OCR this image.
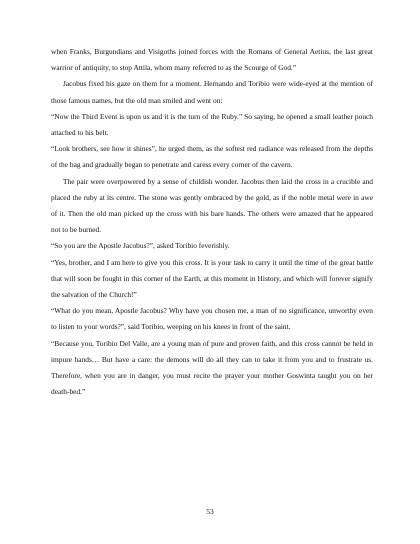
when Franks, Burgundians and Visigoths joined forces with the Romans of General Aetius, the last great warrior of antiquity, to stop Attila, whom many referred to as the Scourge of God.”

Jacobus fixed his gaze on them for a moment. Hernando and Toribio were wide-eyed at the mention of those famous names, but the old man smiled and went on:

“Now the Third Event is upon us and it is the turn of the Ruby.” So saying, he opened a small leather pouch attached to his belt.

“Look brothers, see how it shines”, he urged them, as the softest red radiance was released from the depths of the bag and gradually began to penetrate and caress every corner of the cavern.

The pair were overpowered by a sense of childish wonder. Jacobus then laid the cross in a crucible and placed the ruby at its centre. The stone was gently embraced by the gold, as if the noble metal were in awe of it. Then the old man picked up the cross with his bare hands. The others were amazed that he appeared not to be burned.

“So you are the Apostle Jacobus?”, asked Toribio feverishly.

“Yes, brother, and I am here to give you this cross. It is your task to carry it until the time of the great battle that will soon be fought in this corner of the Earth, at this moment in History, and which will forever signify the salvation of the Church!”

“What do you mean, Apostle Jacobus? Why have you chosen me, a man of no significance, unworthy even to listen to your words?”, said Toribio, weeping on his knees in front of the saint.

“Because you, Toribio Del Valle, are a young man of pure and proven faith, and this cross cannot be held in impure hands… But have a care: the demons will do all they can to take it from you and to frustrate us. Therefore, when you are in danger, you must recite the prayer your mother Goswinta taught you on her death-bed.”

53
